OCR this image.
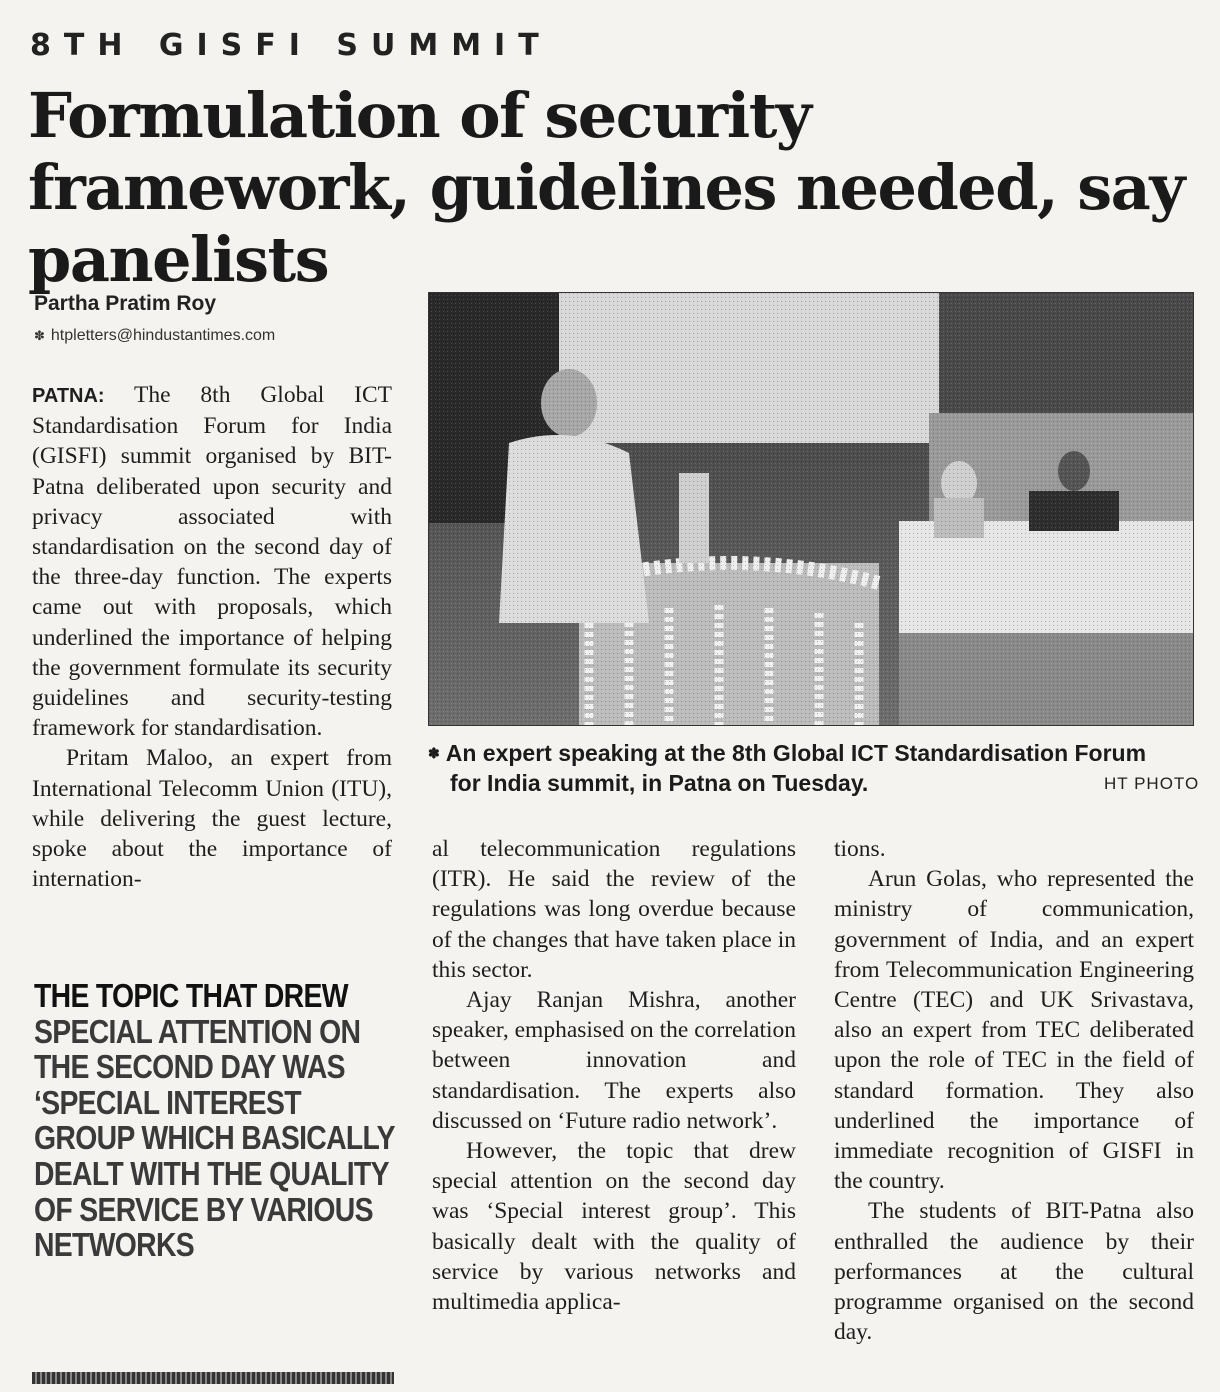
8TH GISFI SUMMIT
Formulation of security framework, guidelines needed, say panelists
Partha Pratim Roy
✽ htpletters@hindustantimes.com

PATNA: The 8th Global ICT Standardisation Forum for India (GISFI) summit organised by BIT-Patna deliberated upon security and privacy associated with standardisation on the second day of the three-day function. The experts came out with proposals, which underlined the importance of helping the government formulate its security guidelines and security-testing framework for standardisation.

Pritam Maloo, an expert from International Telecomm Union (ITU), while delivering the guest lecture, spoke about the importance of internation-

THE TOPIC THAT DREW SPECIAL ATTENTION ON THE SECOND DAY WAS ‘SPECIAL INTEREST GROUP WHICH BASICALLY DEALT WITH THE QUALITY OF SERVICE BY VARIOUS NETWORKS
✽ An expert speaking at the 8th Global ICT Standardisation Forum
for India summit, in Patna on Tuesday.	HT PHOTO

al telecommunication regulations (ITR). He said the review of the regulations was long overdue because of the changes that have taken place in this sector.

Ajay Ranjan Mishra, another speaker, emphasised on the correlation between innovation and standardisation. The experts also discussed on ‘Future radio network’.

However, the topic that drew special attention on the second day was ‘Special interest group’. This basically dealt with the quality of service by various networks and multimedia applica-

tions.

Arun Golas, who represented the ministry of communication, government of India, and an expert from Telecommunication Engineering Centre (TEC) and UK Srivastava, also an expert from TEC deliberated upon the role of TEC in the field of standard formation. They also underlined the importance of immediate recognition of GISFI in the country.

The students of BIT-Patna also enthralled the audience by their performances at the cultural programme organised on the second day.
